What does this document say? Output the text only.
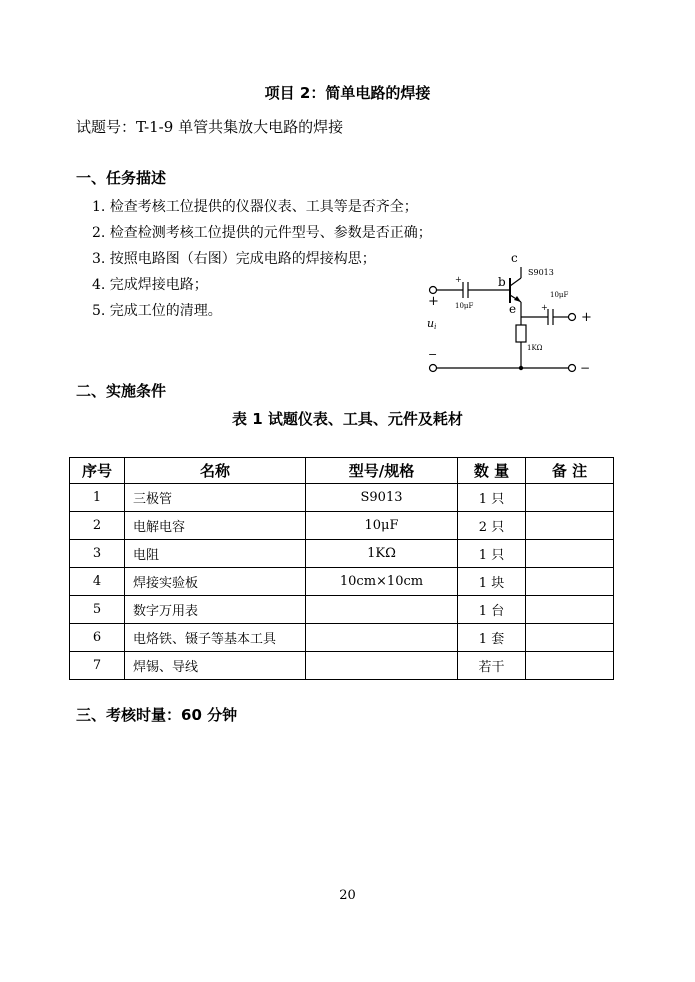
项目 2：简单电路的焊接
试题号：T-1-9 单管共集放大电路的焊接
一、任务描述
1. 检查考核工位提供的仪器仪表、工具等是否齐全；
2. 检查检测考核工位提供的元件型号、参数是否正确；
3. 按照电路图（右图）完成电路的焊接构思；
4. 完成焊接电路；
5. 完成工位的清理。
c
b
e
S9013
10μF
+
10μF
+
1KΩ
+
+
−
−
ui
二、实施条件
表 1 试题仪表、工具、元件及耗材
序号	名称	型号/规格	数 量	备 注
1	三极管	S9013	1 只	
2	电解电容	10μF	2 只	
3	电阻	1KΩ	1 只	
4	焊接实验板	10cm×10cm	1 块	
5	数字万用表		1 台	
6	电烙铁、镊子等基本工具		1 套	
7	焊锡、导线		若干	
三、考核时量：60 分钟
20
